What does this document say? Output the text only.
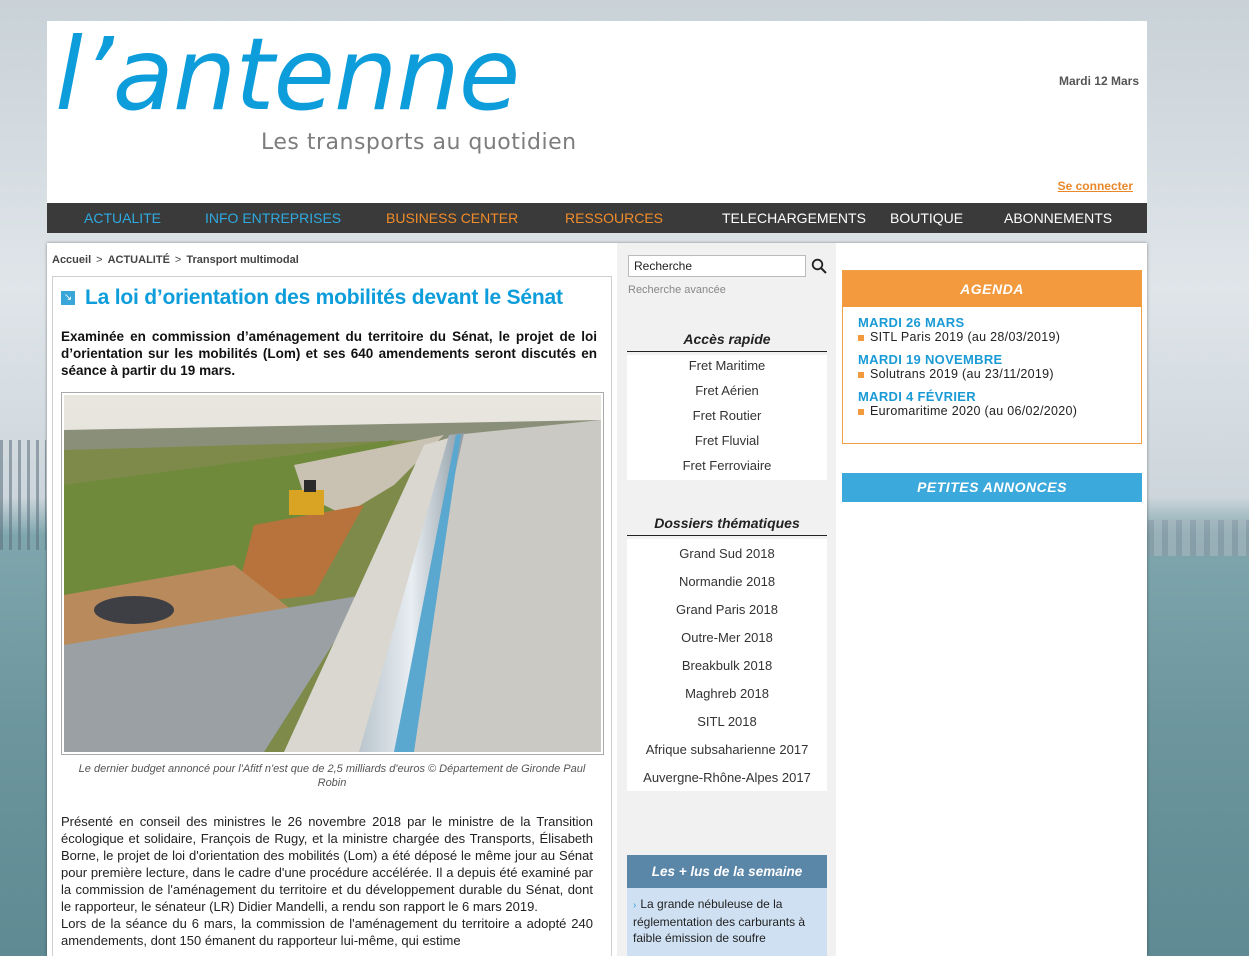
l’antenne
Les transports au quotidien
Mardi 12 Mars
Se connecter
ACTUALITE	INFO ENTREPRISES	BUSINESS CENTER	RESSOURCES	TELECHARGEMENTS BOUTIQUE	ABONNEMENTS
Accueil > ACTUALITÉ > Transport multimodal
↘ La loi d’orientation des mobilités devant le Sénat

Examinée en commission d’aménagement du territoire du Sénat, le projet de loi d’orientation sur les mobilités (Lom) et ses 640 amendements seront discutés en séance à partir du 19 mars.

Le dernier budget annoncé pour l'Afitf n'est que de 2,5 milliards d'euros © Département de Gironde Paul Robin

Présenté en conseil des ministres le 26 novembre 2018 par le ministre de la Transition écologique et solidaire, François de Rugy, et la ministre chargée des Transports, Élisabeth Borne, le projet de loi d'orientation des mobilités (Lom) a été déposé le même jour au Sénat pour première lecture, dans le cadre d'une procédure accélérée. Il a depuis été examiné par la commission de l'aménagement du territoire et du développement durable du Sénat, dont le rapporteur, le sénateur (LR) Didier Mandelli, a rendu son rapport le 6 mars 2019.

Lors de la séance du 6 mars, la commission de l'aménagement du territoire a adopté 240 amendements, dont 150 émanent du rapporteur lui-même, qui estime

Recherche
Recherche avancée
Accès rapide
Fret Maritime
Fret Aérien
Fret Routier
Fret Fluvial
Fret Ferroviaire
Dossiers thématiques
Grand Sud 2018
Normandie 2018
Grand Paris 2018
Outre-Mer 2018
Breakbulk 2018
Maghreb 2018
SITL 2018
Afrique subsaharienne 2017
Auvergne-Rhône-Alpes 2017
Les + lus de la semaine
› La grande nébuleuse de la réglementation des carburants à faible émission de soufre
AGENDA
MARDI 26 MARS
SITL Paris 2019 (au 28/03/2019)
MARDI 19 NOVEMBRE
Solutrans 2019 (au 23/11/2019)
MARDI 4 FÉVRIER
Euromaritime 2020 (au 06/02/2020)
PETITES ANNONCES
